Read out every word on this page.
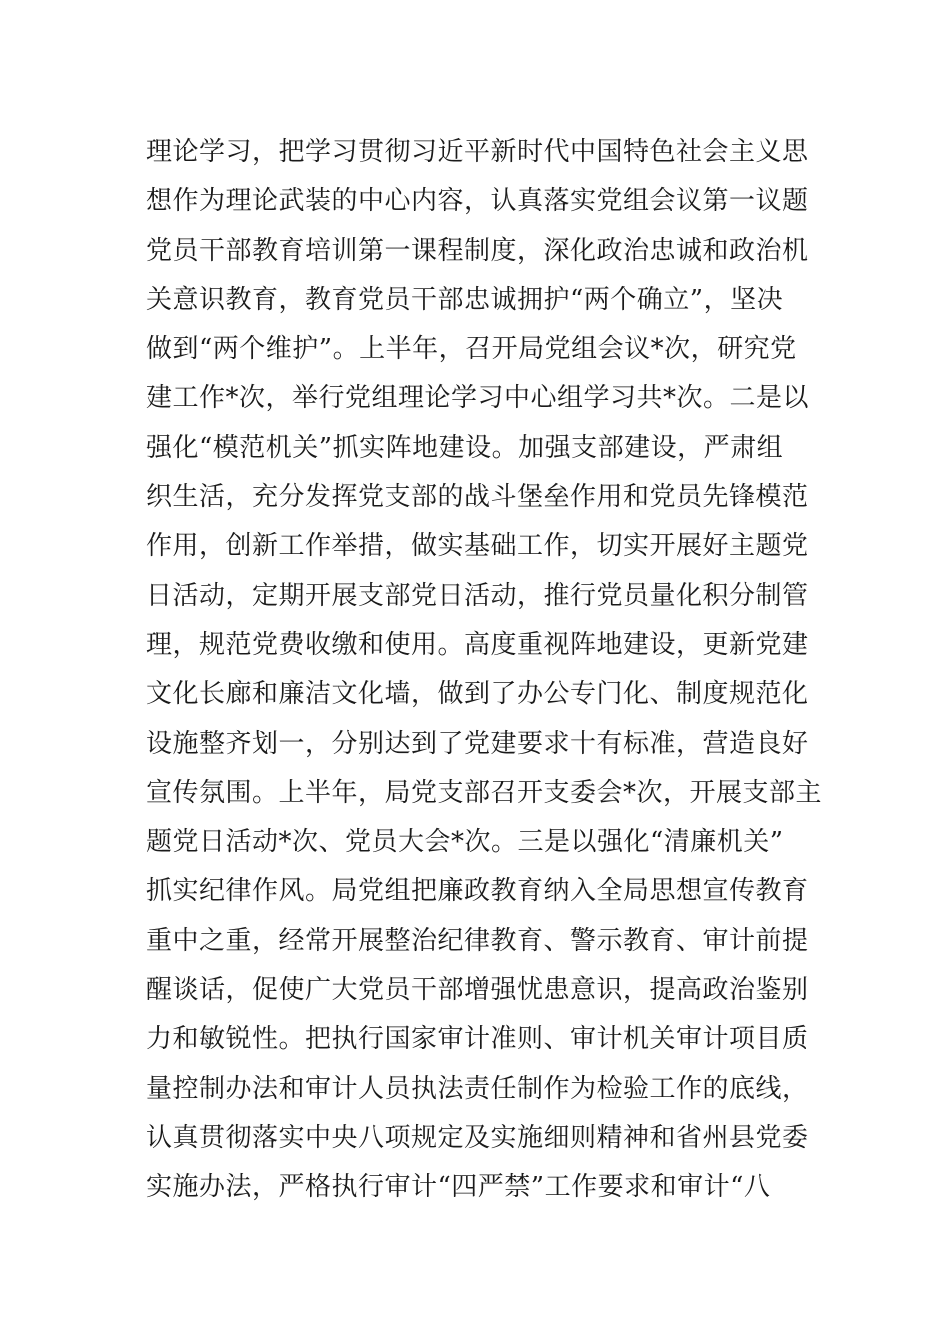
理论学习，把学习贯彻习近平新时代中国特色社会主义思
想作为理论武装的中心内容，认真落实党组会议第一议题
党员干部教育培训第一课程制度，深化政治忠诚和政治机
关意识教育，教育党员干部忠诚拥护“两个确立”，坚决
做到“两个维护”。上半年，召开局党组会议*次，研究党
建工作*次，举行党组理论学习中心组学习共*次。二是以
强化“模范机关”抓实阵地建设。加强支部建设，严肃组
织生活，充分发挥党支部的战斗堡垒作用和党员先锋模范
作用，创新工作举措，做实基础工作，切实开展好主题党
日活动，定期开展支部党日活动，推行党员量化积分制管
理，规范党费收缴和使用。高度重视阵地建设，更新党建
文化长廊和廉洁文化墙，做到了办公专门化、制度规范化
设施整齐划一，分别达到了党建要求十有标准，营造良好
宣传氛围。上半年，局党支部召开支委会*次，开展支部主
题党日活动*次、党员大会*次。三是以强化“清廉机关”
抓实纪律作风。局党组把廉政教育纳入全局思想宣传教育
重中之重，经常开展整治纪律教育、警示教育、审计前提
醒谈话，促使广大党员干部增强忧患意识，提高政治鉴别
力和敏锐性。把执行国家审计准则、审计机关审计项目质
量控制办法和审计人员执法责任制作为检验工作的底线，
认真贯彻落实中央八项规定及实施细则精神和省州县党委
实施办法，严格执行审计“四严禁”工作要求和审计“八
